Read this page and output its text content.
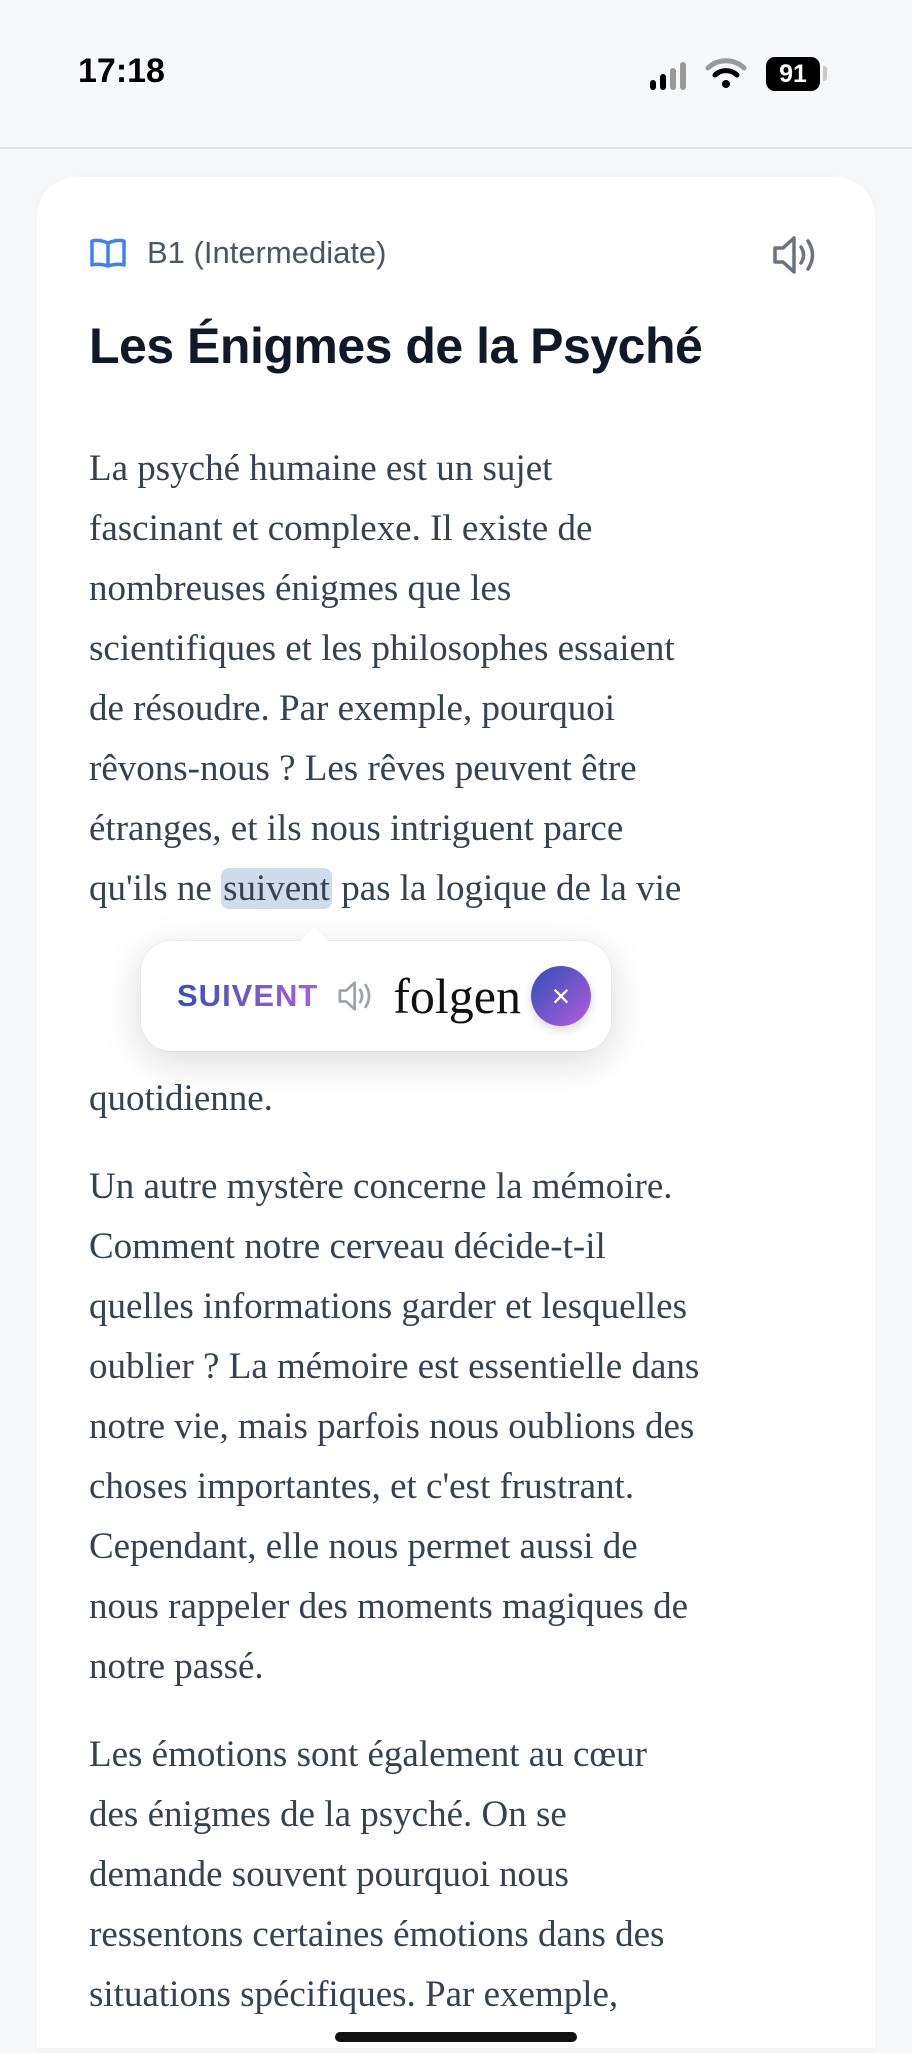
17:18	91
B1 (Intermediate)
Les Énigmes de la Psyché
La psyché humaine est un sujet
fascinant et complexe. Il existe de
nombreuses énigmes que les
scientifiques et les philosophes essaient
de résoudre. Par exemple, pourquoi
rêvons-nous ? Les rêves peuvent être
étranges, et ils nous intriguent parce
qu'ils ne suivent pas la logique de la vie
SUIVENT folgen ×
quotidienne.
Un autre mystère concerne la mémoire.
Comment notre cerveau décide-t-il
quelles informations garder et lesquelles
oublier ? La mémoire est essentielle dans
notre vie, mais parfois nous oublions des
choses importantes, et c'est frustrant.
Cependant, elle nous permet aussi de
nous rappeler des moments magiques de
notre passé.
Les émotions sont également au cœur
des énigmes de la psyché. On se
demande souvent pourquoi nous
ressentons certaines émotions dans des
situations spécifiques. Par exemple,
